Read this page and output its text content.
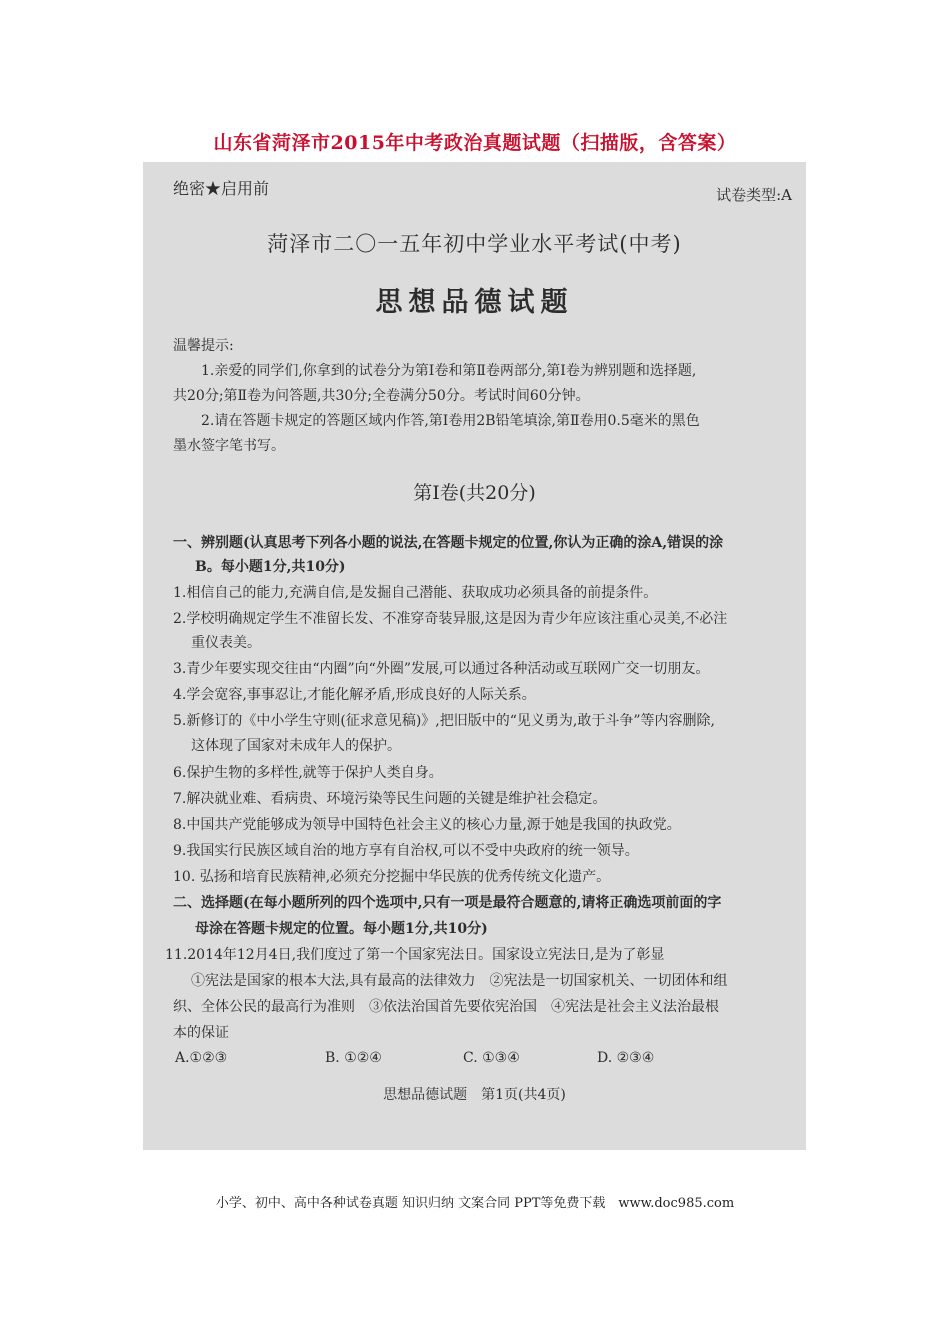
山东省菏泽市2015年中考政治真题试题（扫描版，含答案）
绝密★启用前	试卷类型:A
菏泽市二〇一五年初中学业水平考试(中考)
思想品德试题
温馨提示:
1.亲爱的同学们,你拿到的试卷分为第Ⅰ卷和第Ⅱ卷两部分,第Ⅰ卷为辨别题和选择题,
共20分;第Ⅱ卷为问答题,共30分;全卷满分50分。考试时间60分钟。
2.请在答题卡规定的答题区域内作答,第Ⅰ卷用2B铅笔填涂,第Ⅱ卷用0.5毫米的黑色
墨水签字笔书写。
第Ⅰ卷(共20分)
一、辨别题(认真思考下列各小题的说法,在答题卡规定的位置,你认为正确的涂A,错误的涂
B。每小题1分,共10分)
1.相信自己的能力,充满自信,是发掘自己潜能、获取成功必须具备的前提条件。
2.学校明确规定学生不准留长发、不准穿奇装异服,这是因为青少年应该注重心灵美,不必注
重仪表美。
3.青少年要实现交往由“内圈”向“外圈”发展,可以通过各种活动或互联网广交一切朋友。
4.学会宽容,事事忍让,才能化解矛盾,形成良好的人际关系。
5.新修订的《中小学生守则(征求意见稿)》,把旧版中的“见义勇为,敢于斗争”等内容删除,
这体现了国家对未成年人的保护。
6.保护生物的多样性,就等于保护人类自身。
7.解决就业难、看病贵、环境污染等民生问题的关键是维护社会稳定。
8.中国共产党能够成为领导中国特色社会主义的核心力量,源于她是我国的执政党。
9.我国实行民族区域自治的地方享有自治权,可以不受中央政府的统一领导。
10. 弘扬和培育民族精神,必须充分挖掘中华民族的优秀传统文化遗产。
二、选择题(在每小题所列的四个选项中,只有一项是最符合题意的,请将正确选项前面的字
母涂在答题卡规定的位置。每小题1分,共10分)
11.2014年12月4日,我们度过了第一个国家宪法日。国家设立宪法日,是为了彰显
①宪法是国家的根本大法,具有最高的法律效力　②宪法是一切国家机关、一切团体和组
织、全体公民的最高行为准则　③依法治国首先要依宪治国　④宪法是社会主义法治最根
本的保证
A.①②③	B. ①②④	C. ①③④	D. ②③④
思想品德试题　第1页(共4页)
小学、初中、高中各种试卷真题 知识归纳 文案合同 PPT等免费下载　www.doc985.com
